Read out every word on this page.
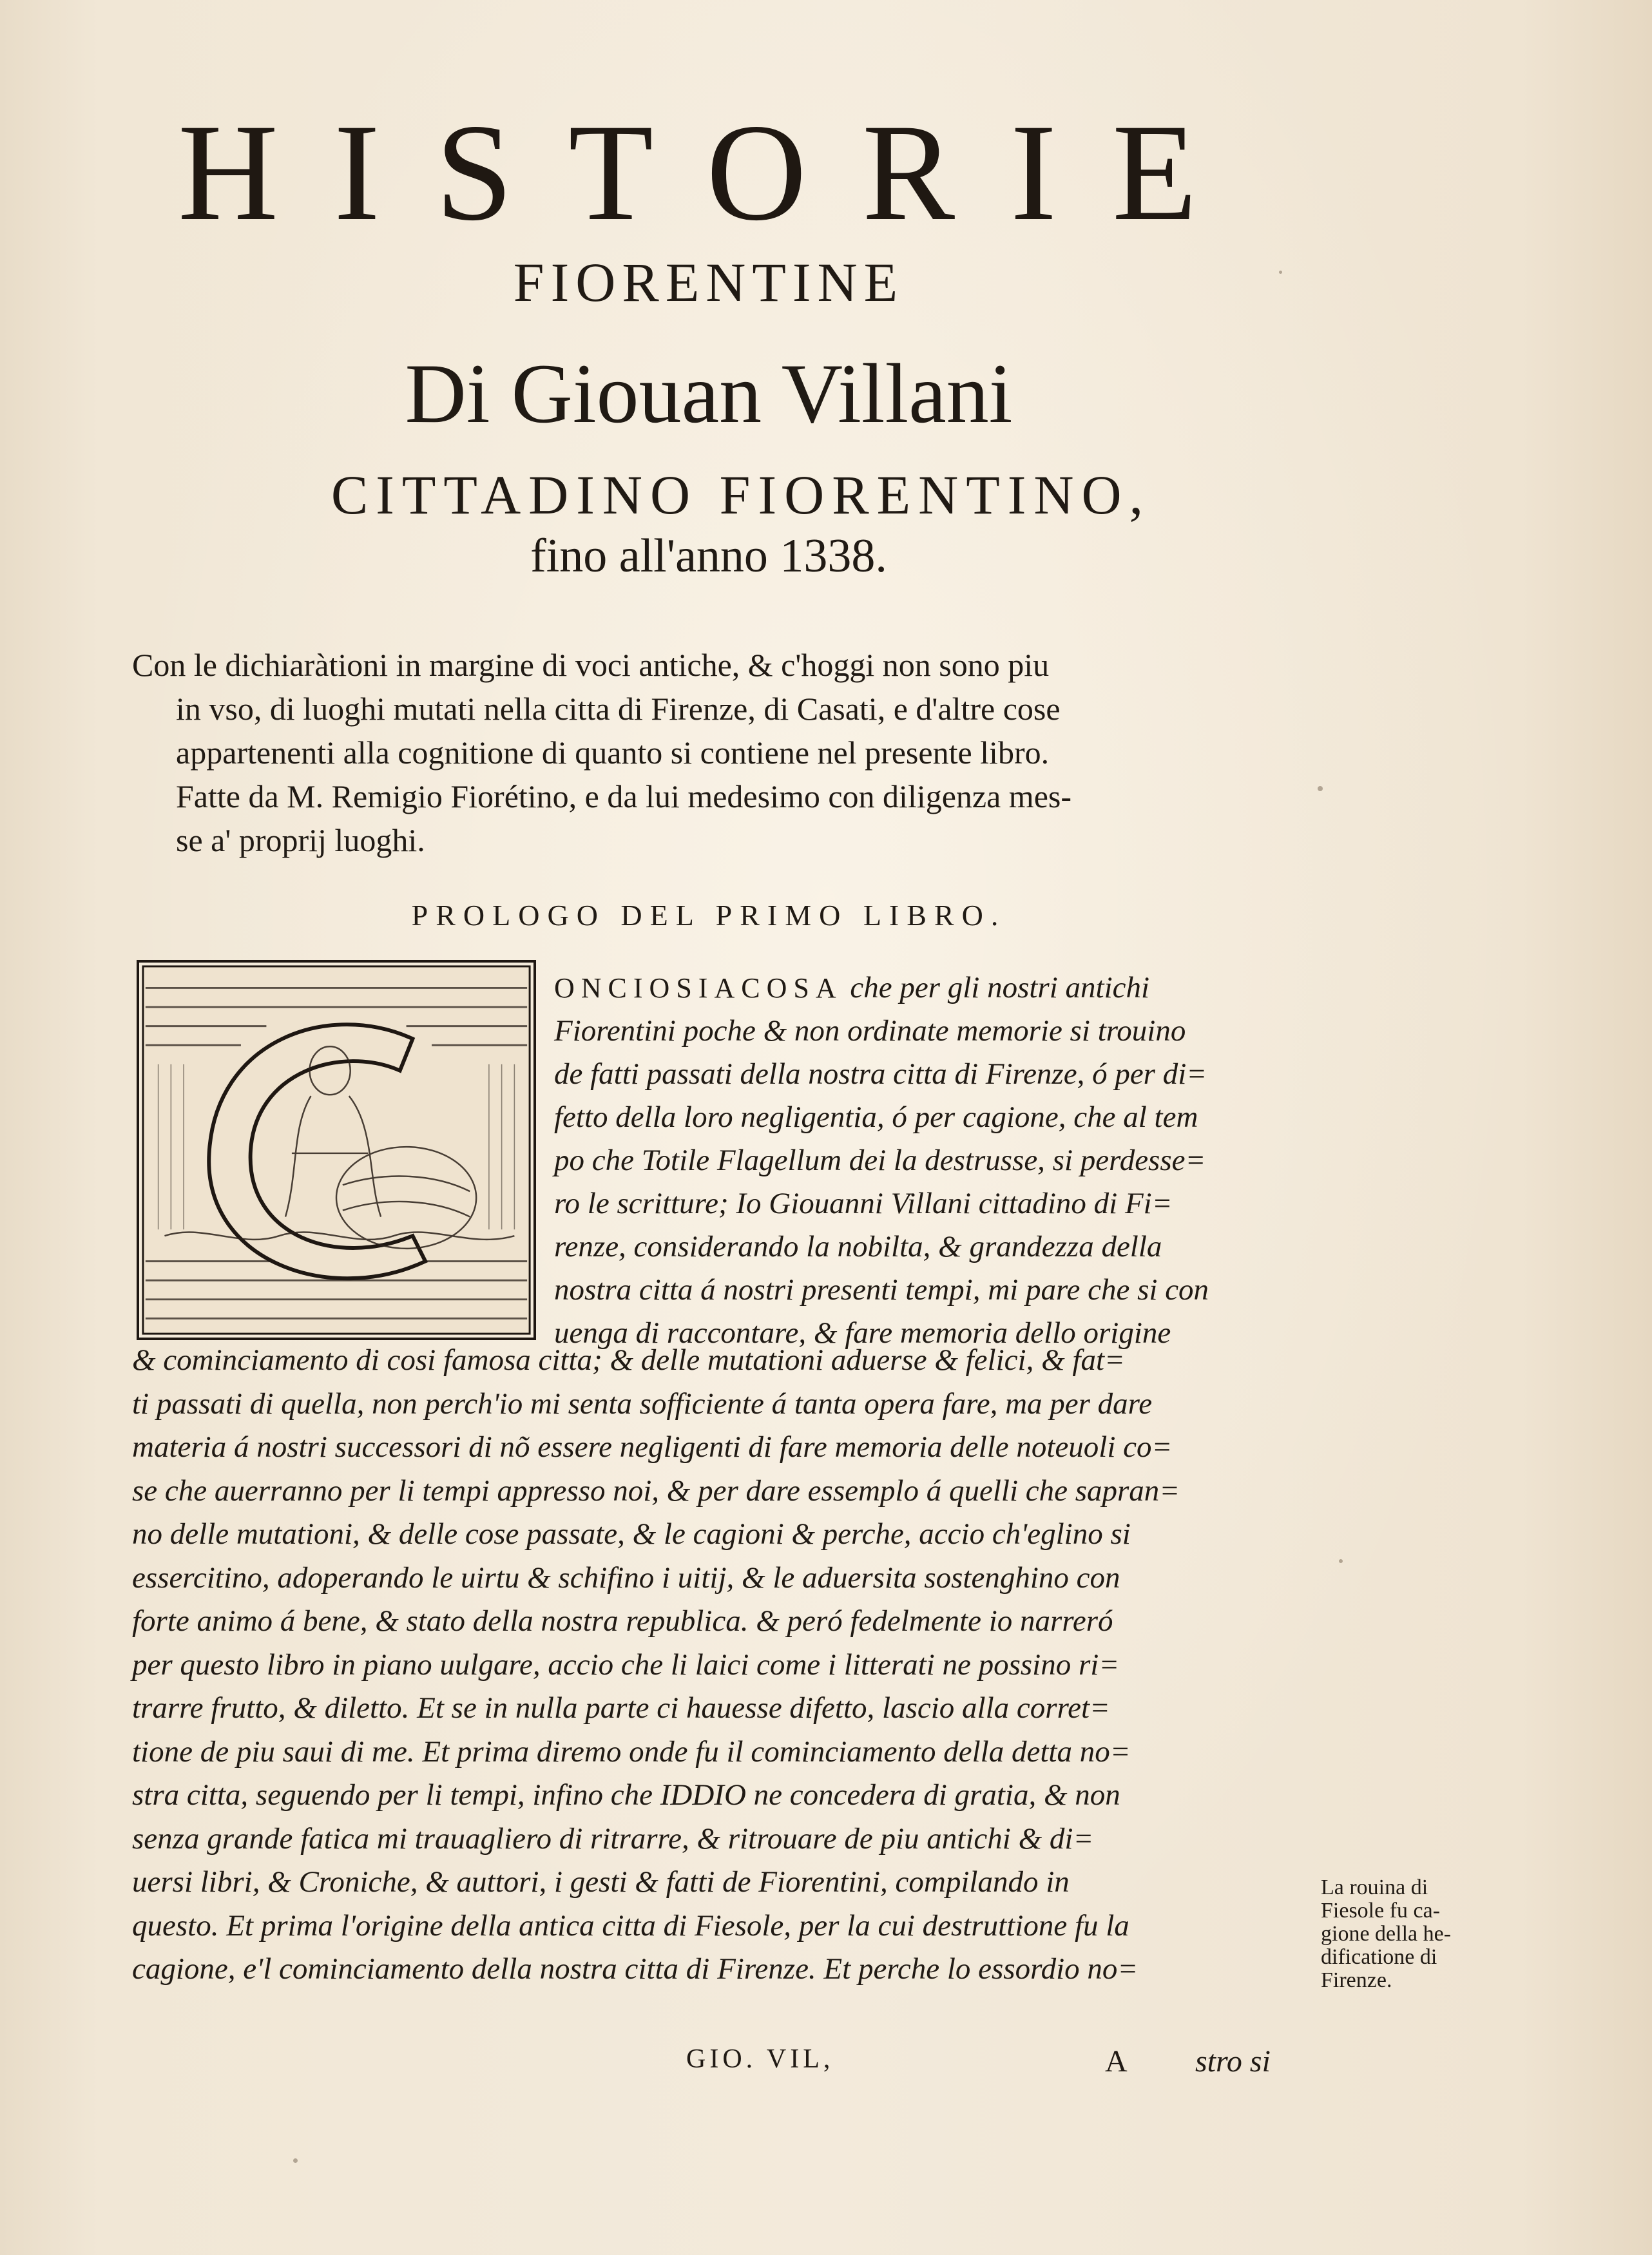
HISTORIE
FIORENTINE
Di Giouan Villani
CITTADINO FIORENTINO,
fino all'anno 1338.

Con le dichiaràtioni in margine di voci antiche, & c'hoggi non sono piu

in vso, di luoghi mutati nella citta di Firenze, di Casati, e d'altre cose

appartenenti alla cognitione di quanto si contiene nel presente libro.

Fatte da M. Remigio Fiorétino, e da lui medesimo con diligenza mes-

se a' proprij luoghi.

PROLOGO DEL PRIMO LIBRO.

ONCIOSIACOSA che per gli nostri antichi

Fiorentini poche & non ordinate memorie si trouino

de fatti passati della nostra citta di Firenze, ó per di=

fetto della loro negligentia, ó per cagione, che al tem

po che Totile Flagellum dei la destrusse, si perdesse=

ro le scritture; Io Giouanni Villani cittadino di Fi=

renze, considerando la nobilta, & grandezza della

nostra citta á nostri presenti tempi, mi pare che si con

uenga di raccontare, & fare memoria dello origine

& cominciamento di cosi famosa citta; & delle mutationi aduerse & felici, & fat=

ti passati di quella, non perch'io mi senta sofficiente á tanta opera fare, ma per dare

materia á nostri successori di nõ essere negligenti di fare memoria delle noteuoli co=

se che auerranno per li tempi appresso noi, & per dare essemplo á quelli che sapran=

no delle mutationi, & delle cose passate, & le cagioni & perche, accio ch'eglino si

essercitino, adoperando le uirtu & schifino i uitij, & le aduersita sostenghino con

forte animo á bene, & stato della nostra republica. & peró fedelmente io narreró

per questo libro in piano uulgare, accio che li laici come i litterati ne possino ri=

trarre frutto, & diletto. Et se in nulla parte ci hauesse difetto, lascio alla corret=

tione de piu saui di me. Et prima diremo onde fu il cominciamento della detta no=

stra citta, seguendo per li tempi, infino che IDDIO ne concedera di gratia, & non

senza grande fatica mi trauagliero di ritrarre, & ritrouare de piu antichi & di=

uersi libri, & Croniche, & auttori, i gesti & fatti de Fiorentini, compilando in

questo. Et prima l'origine della antica citta di Fiesole, per la cui destruttione fu la

cagione, e'l cominciamento della nostra citta di Firenze. Et perche lo essordio no=

La rouina di

Fiesole fu ca-

gione della he-

dificatione di

Firenze.

GIO. VIL,	A stro si
